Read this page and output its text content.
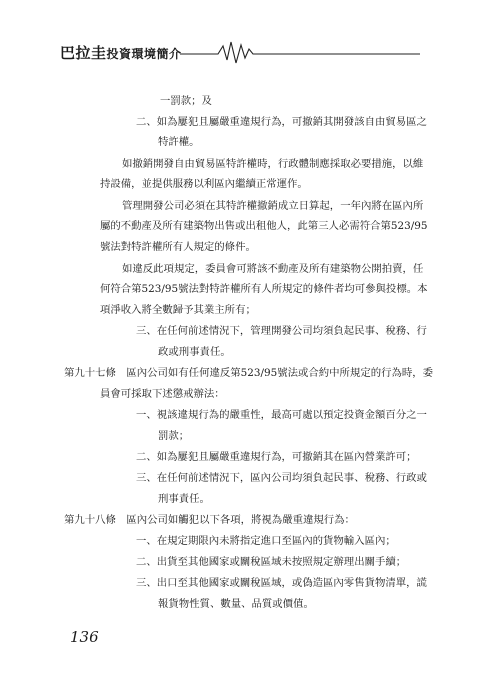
巴拉圭投資環境簡介
一罰款；及
二、如為屢犯且屬嚴重違規行為，可撤銷其開發該自由貿易區之
特許權。
如撤銷開發自由貿易區特許權時，行政體制應採取必要措施，以維
持設備，並提供服務以利區內繼續正常運作。
管理開發公司必須在其特許權撤銷成立日算起，一年內將在區內所
屬的不動產及所有建築物出售或出租他人，此第三人必需符合第523/95
號法對特許權所有人規定的條件。
如違反此項規定，委員會可將該不動產及所有建築物公開拍賣，任
何符合第523/95號法對特許權所有人所規定的條件者均可參與投標。本
項淨收入將全數歸予其業主所有；
三、在任何前述情況下，管理開發公司均須負起民事、稅務、行
政或刑事責任。
第九十七條　區內公司如有任何違反第523/95號法或合約中所規定的行為時，委
員會可採取下述懲戒辦法：
一、視該違規行為的嚴重性，最高可處以預定投資金額百分之一
罰款；
二、如為屢犯且屬嚴重違規行為，可撤銷其在區內營業許可；
三、在任何前述情況下，區內公司均須負起民事、稅務、行政或
刑事責任。
第九十八條　區內公司如觸犯以下各項，將視為嚴重違規行為：
一、在規定期限內未將指定進口至區內的貨物輸入區內；
二、出貨至其他國家或關稅區域未按照規定辦理出關手續；
三、出口至其他國家或關稅區域，或偽造區內零售貨物清單，謊
報貨物性質、數量、品質或價值。
136
